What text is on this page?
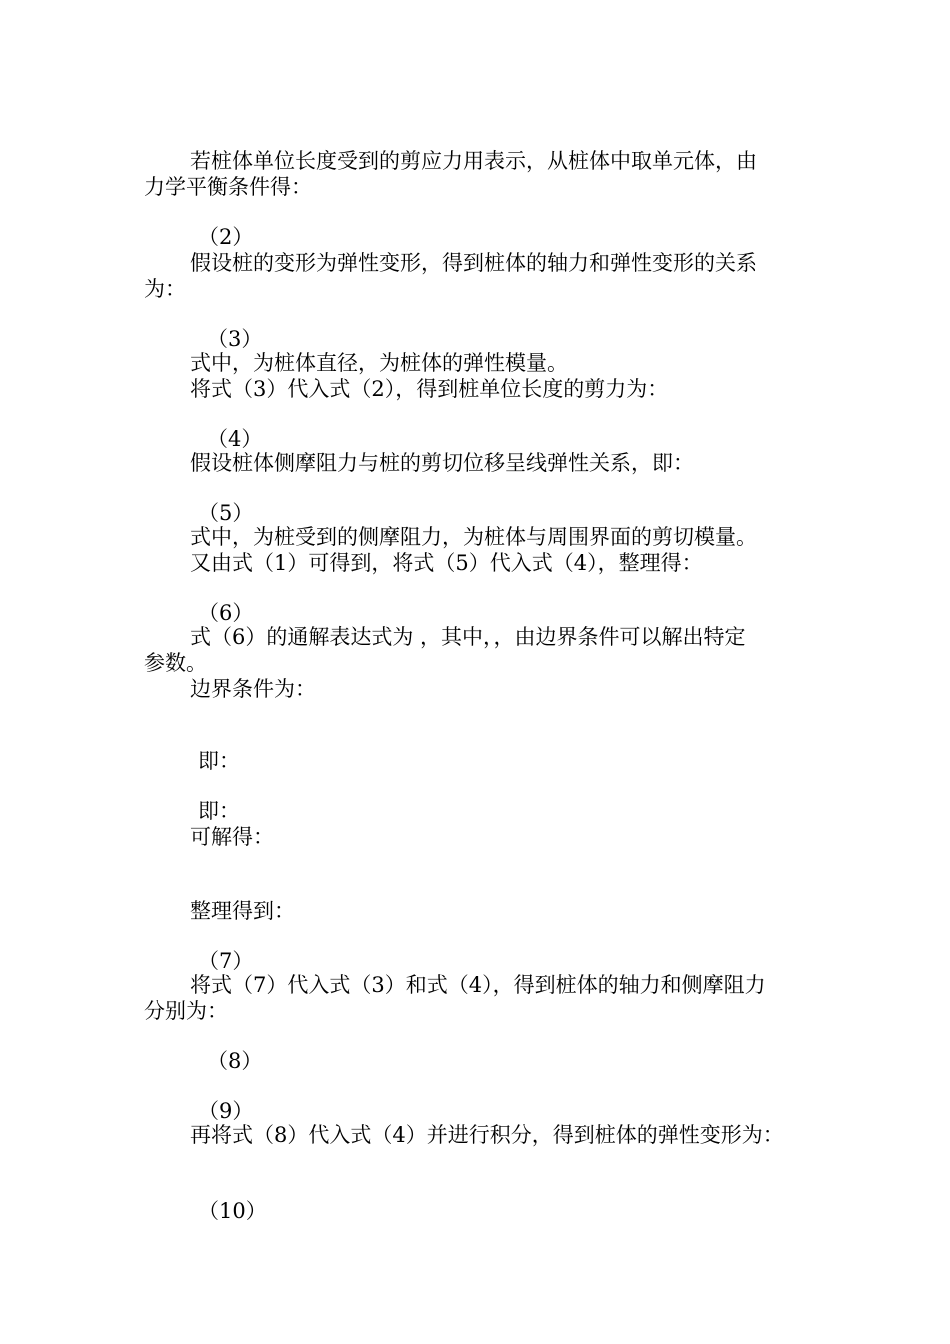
若桩体单位长度受到的剪应力用表示，从桩体中取单元体，由
力学平衡条件得：
（2）
假设桩的变形为弹性变形，得到桩体的轴力和弹性变形的关系
为：
（3）
式中，为桩体直径，为桩体的弹性模量。
将式（3）代入式（2），得到桩单位长度的剪力为：
（4）
假设桩体侧摩阻力与桩的剪切位移呈线弹性关系，即：
（5）
式中，为桩受到的侧摩阻力，为桩体与周围界面的剪切模量。
又由式（1）可得到，将式（5）代入式（4），整理得：
（6）
式（6）的通解表达式为 ，其中，，由边界条件可以解出特定
参数。
边界条件为：
即：
即：
可解得：
整理得到：
（7）
将式（7）代入式（3）和式（4），得到桩体的轴力和侧摩阻力
分别为：
（8）
（9）
再将式（8）代入式（4）并进行积分，得到桩体的弹性变形为：
（10）
